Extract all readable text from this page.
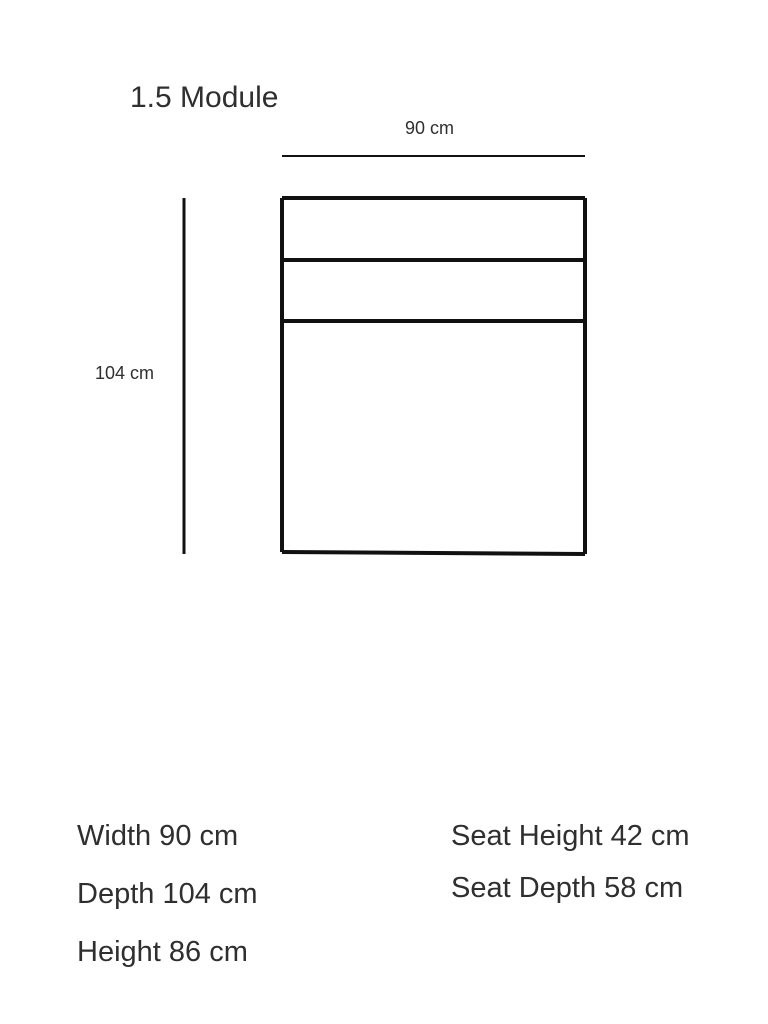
1.5 Module
90 cm
104 cm
Width 90 cm
Depth 104 cm
Height 86 cm
Seat Height 42 cm
Seat Depth 58 cm
